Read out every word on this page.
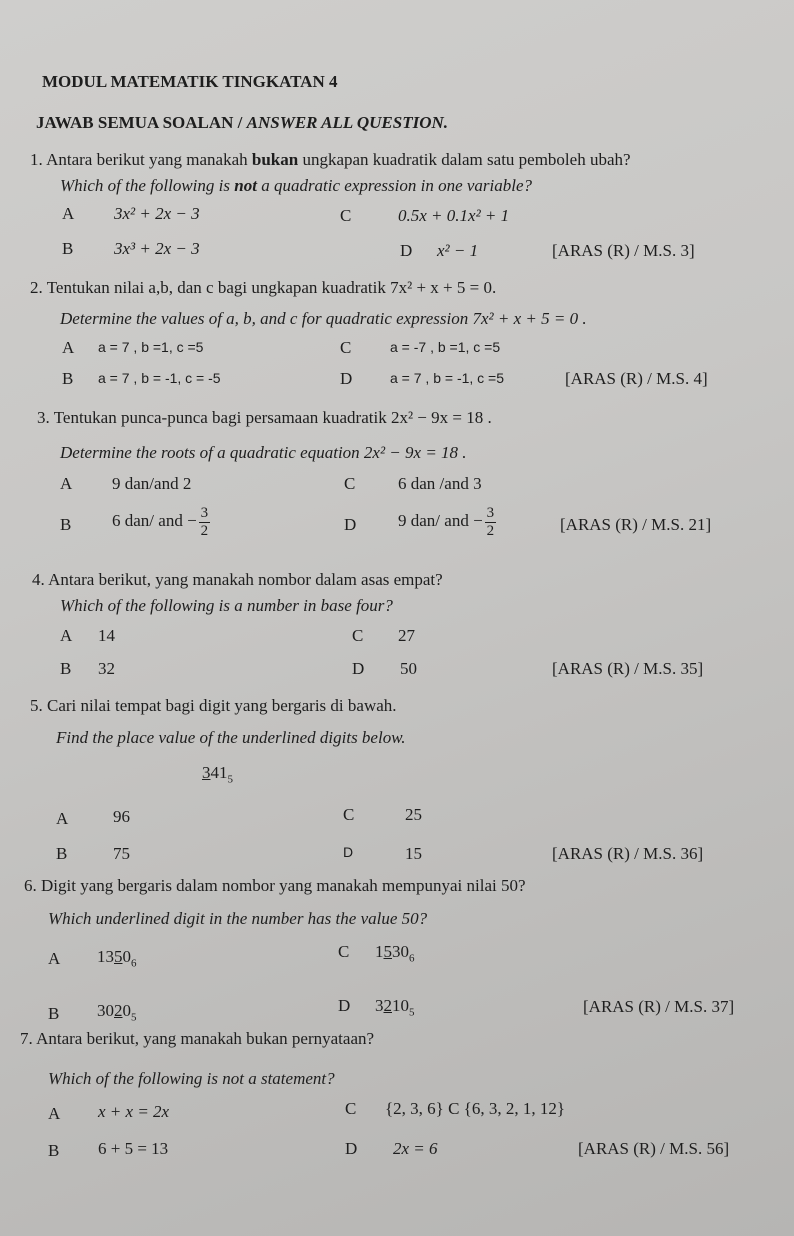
MODUL MATEMATIK TINGKATAN 4
JAWAB SEMUA SOALAN / ANSWER ALL QUESTION.
1. Antara berikut yang manakah bukan ungkapan kuadratik dalam satu pemboleh ubah?
Which of the following is not a quadratic expression in one variable?
A 3x² + 2x − 3
B 3x³ + 2x − 3
C	0.5x + 0.1x² + 1
D x² − 1	[ARAS (R) / M.S. 3]
2. Tentukan nilai a,b, dan c bagi ungkapan kuadratik 7x² + x + 5 = 0.
Determine the values of a, b, and c for quadratic expression 7x² + x + 5 = 0 .
A a = 7 , b =1, c =5
B a = 7 , b = -1, c = -5
C	a = -7 , b =1, c =5
D	a = 7 , b = -1, c =5	[ARAS (R) / M.S. 4]
3. Tentukan punca-punca bagi persamaan kuadratik 2x² − 9x = 18 .
Determine the roots of a quadratic equation 2x² − 9x = 18 .
A 9 dan/and 2
B 6 dan/ and − $\frac{3}{2}$
C	6 dan /and 3
D 9 dan/ and − $\frac{3}{2}$	[ARAS (R) / M.S. 21]
4. Antara berikut, yang manakah nombor dalam asas empat?
Which of the following is a number in base four?
A 14
B 32
C 27
D 50	[ARAS (R) / M.S. 35]
5. Cari nilai tempat bagi digit yang bergaris di bawah.
Find the place value of the underlined digits below.
$341_5$
A	96
B	75
C	25
D	15	[ARAS (R) / M.S. 36]
6. Digit yang bergaris dalam nombor yang manakah mempunyai nilai 50?
Which underlined digit in the number has the value 50?
A $1350_6$
B $3020_5$
C $1530_6$
D $3210_5$	[ARAS (R) / M.S. 37]
7. Antara berikut, yang manakah bukan pernyataan?
Which of the following is not a statement?
A x + x = 2x
B 6 + 5 = 13
C {2, 3, 6} C {6, 3, 2, 1, 12}
D 2x = 6	[ARAS (R) / M.S. 56]
